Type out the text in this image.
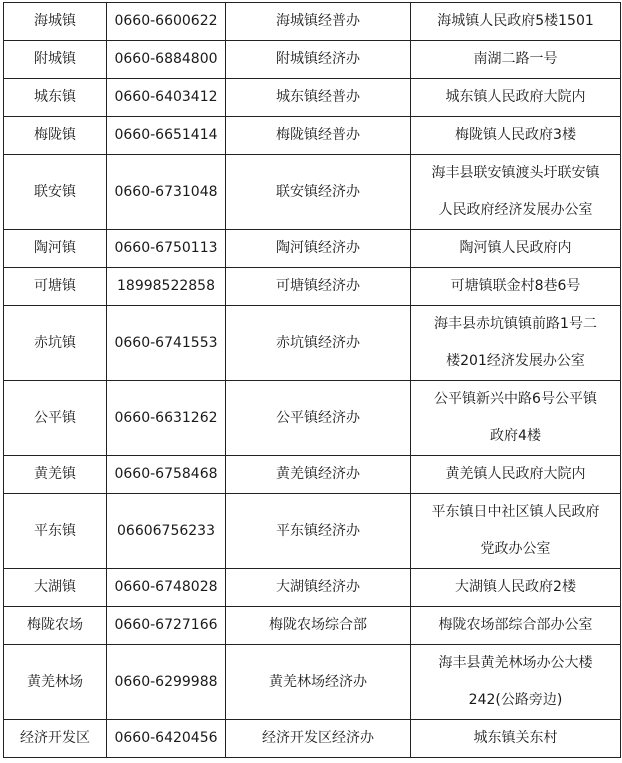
海城镇	0660-6600622	海城镇经普办	海城镇人民政府5楼1501

附城镇	0660-6884800	附城镇经济办	南湖二路一号

城东镇	0660-6403412	城东镇经普办	城东镇人民政府大院内

梅陇镇	0660-6651414	梅陇镇经普办	梅陇镇人民政府3楼

联安镇	0660-6731048	联安镇经济办	海丰县联安镇渡头圩联安镇
人民政府经济发展办公室

陶河镇	0660-6750113	陶河镇经济办	陶河镇人民政府内

可塘镇	18998522858	可塘镇经济办	可塘镇联金村8巷6号

赤坑镇	0660-6741553	赤坑镇经济办	海丰县赤坑镇镇前路1号二
楼201经济发展办公室

公平镇	0660-6631262	公平镇经济办	公平镇新兴中路6号公平镇
政府4楼

黄羌镇	0660-6758468	黄羌镇经济办	黄羌镇人民政府大院内

平东镇	06606756233	平东镇经济办	平东镇日中社区镇人民政府
党政办公室

大湖镇	0660-6748028	大湖镇经济办	大湖镇人民政府2楼

梅陇农场	0660-6727166	梅陇农场综合部	梅陇农场部综合部办公室

黄羌林场	0660-6299988	黄羌林场经济办	海丰县黄羌林场办公大楼
242(公路旁边)

经济开发区	0660-6420456	经济开发区经济办	城东镇关东村
